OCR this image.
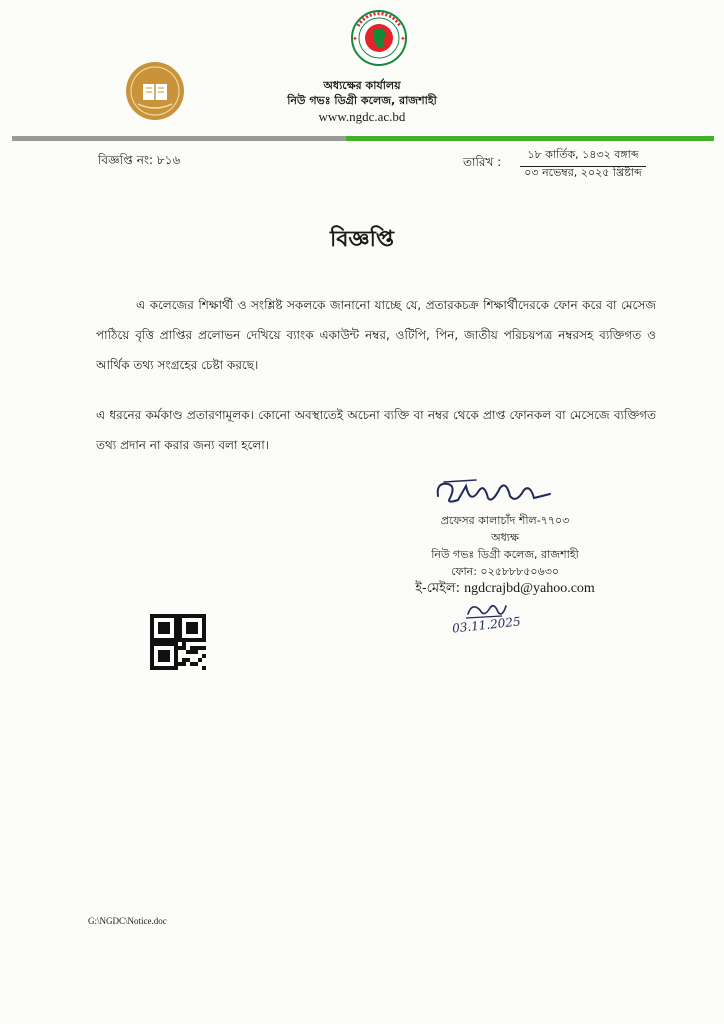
✦	✦

অধ্যক্ষের কার্যালয়

নিউ গভঃ ডিগ্রী কলেজ, রাজশাহী

www.ngdc.ac.bd

বিজ্ঞপ্তি নং: ৮১৬	তারিখ :
১৮ কার্তিক, ১৪৩২ বঙ্গাব্দ
০৩ নভেম্বর, ২০২৫ খ্রিষ্টাব্দ
বিজ্ঞপ্তি
এ কলেজের শিক্ষার্থী ও সংশ্লিষ্ট সকলকে জানানো যাচ্ছে যে, প্রতারকচক্র শিক্ষার্থীদেরকে ফোন করে বা মেসেজ পাঠিয়ে বৃত্তি প্রাপ্তির প্রলোভন দেখিয়ে ব্যাংক একাউন্ট নম্বর, ওটিপি, পিন, জাতীয় পরিচয়পত্র নম্বরসহ ব্যক্তিগত ও আর্থিক তথ্য সংগ্রহের চেষ্টা করছে।
এ ধরনের কর্মকাণ্ড প্রতারণামূলক। কোনো অবস্থাতেই অচেনা ব্যক্তি বা নম্বর থেকে প্রাপ্ত ফোনকল বা মেসেজে ব্যক্তিগত তথ্য প্রদান না করার জন্য বলা হলো।

প্রফেসর কালাচাঁদ শীল-৭৭০৩

অধ্যক্ষ

নিউ গভঃ ডিগ্রী কলেজ, রাজশাহী

ফোন: ০২৫৮৮৮৫০৬৩০

ই-মেইল: ngdcrajbd@yahoo.com

03.11.2025
G:\NGDC\Notice.doc
